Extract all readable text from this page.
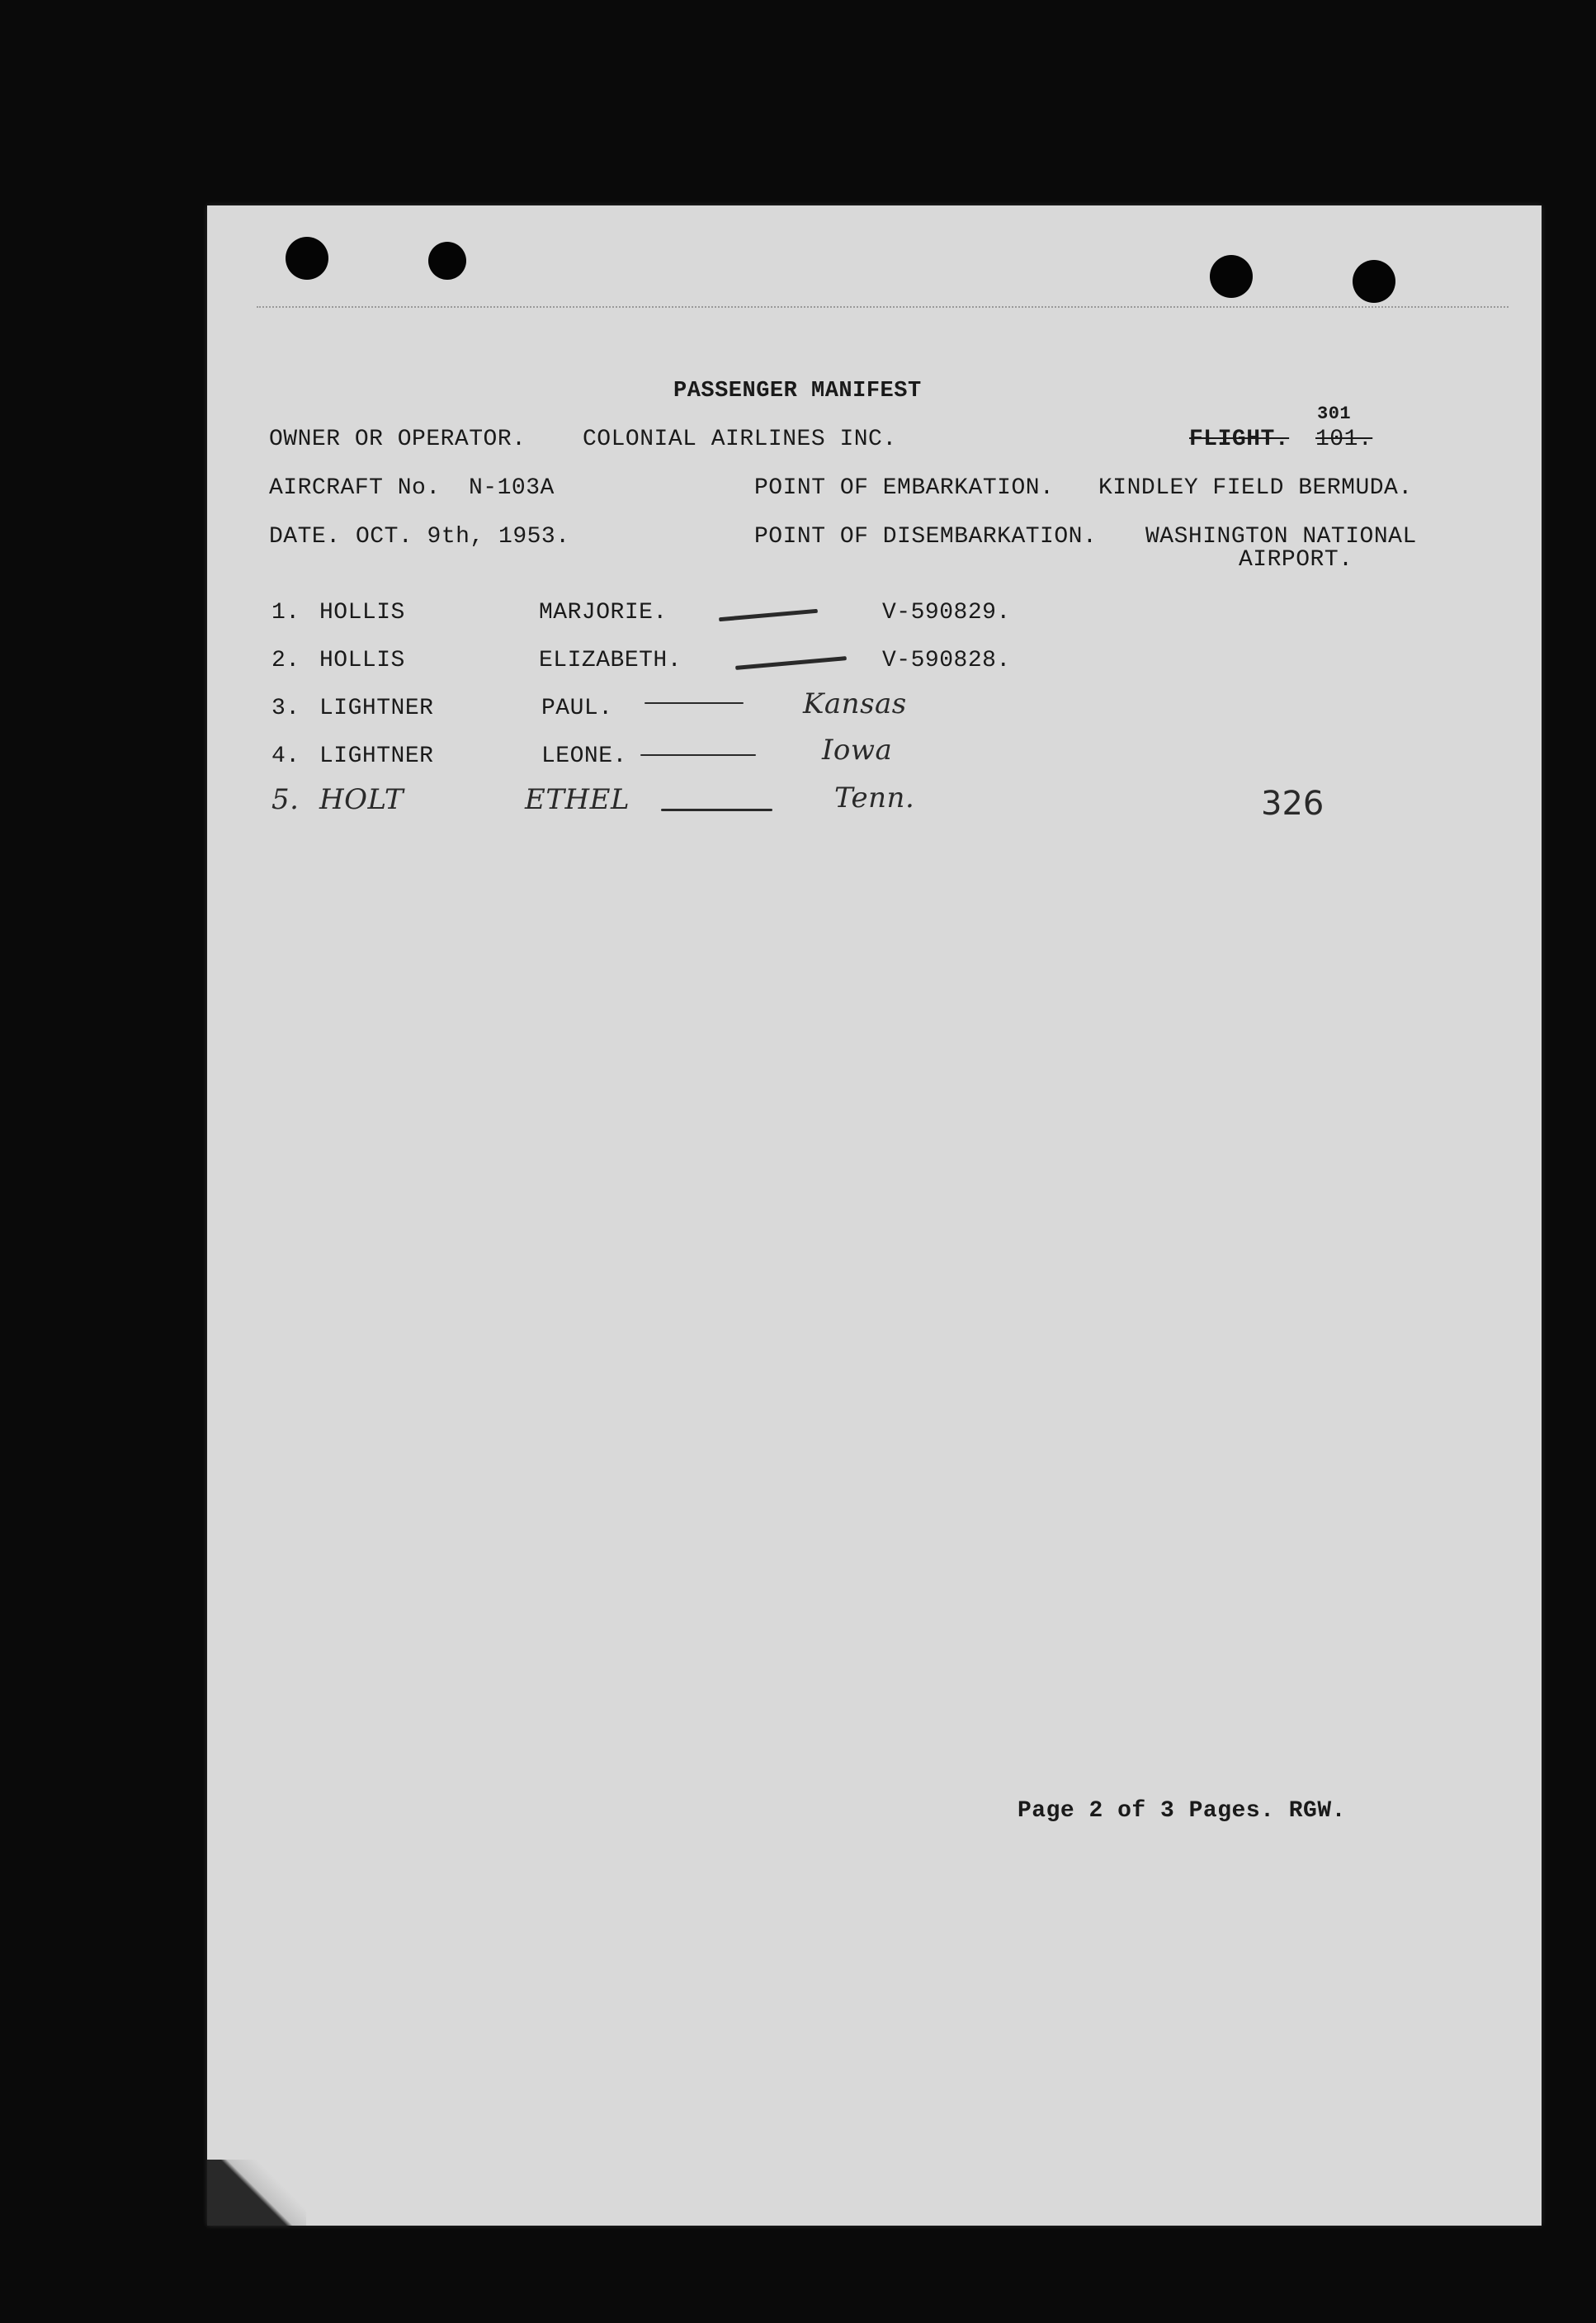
PASSENGER MANIFEST
OWNER OR OPERATOR. COLONIAL AIRLINES INC.	FLIGHT. 101.
301
AIRCRAFT No. N-103A	POINT OF EMBARKATION. KINDLEY FIELD BERMUDA.
DATE. OCT. 9th, 1953.	POINT OF DISEMBARKATION. WASHINGTON NATIONAL
AIRPORT.
1. HOLLIS	MARJORIE.	V-590829.
2. HOLLIS	ELIZABETH.	V-590828.
3. LIGHTNER	PAUL.	Kansas
4. LIGHTNER	LEONE.	Iowa
5. HOLT	ETHEL	Tenn.	326
Page 2 of 3 Pages. RGW.
